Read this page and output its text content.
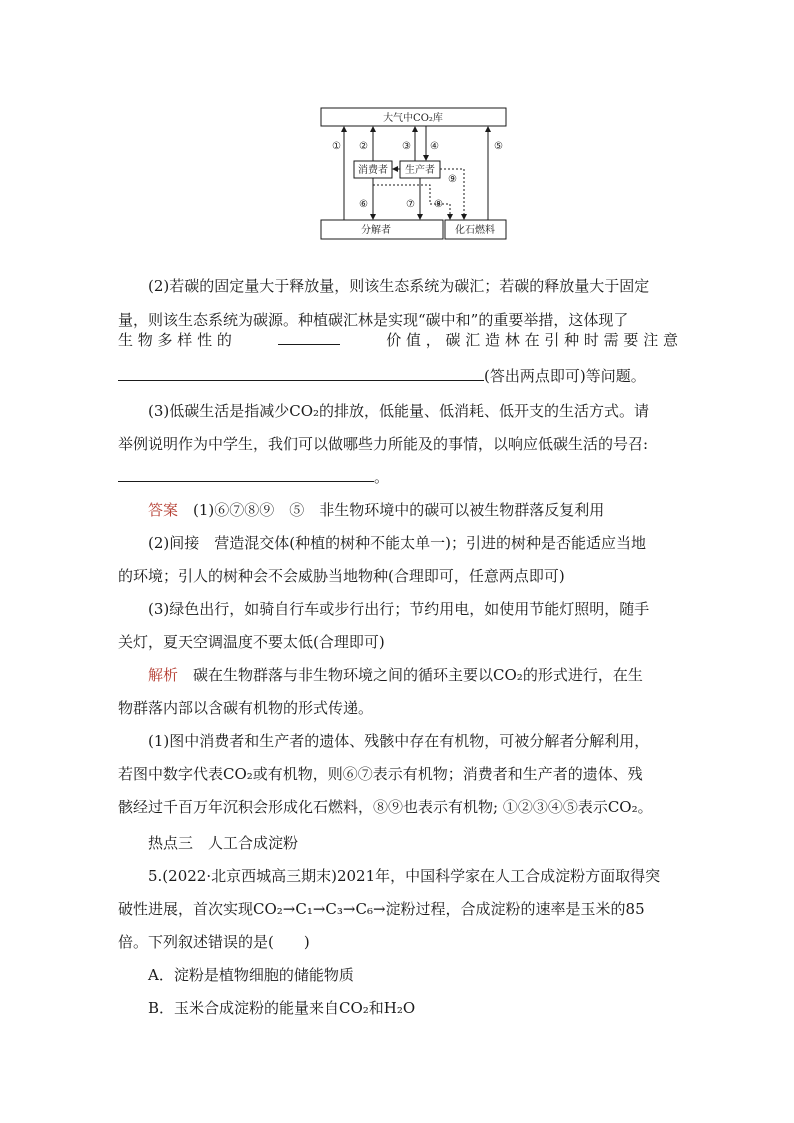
大气中CO₂库
消费者 生产者
分解者	化石燃料
① ②	③ ④	⑤
⑥	⑦ ⑧
⑨
(2)若碳的固定量大于释放量，则该生态系统为碳汇；若碳的释放量大于固定
量，则该生态系统为碳源。种植碳汇林是实现“碳中和”的重要举措，这体现了
生 物 多 样 性 的	价 值 ， 碳 汇 造 林 在 引 种 时 需 要 注 意
(答出两点即可)等问题。
(3)低碳生活是指减少CO₂的排放，低能量、低消耗、低开支的生活方式。请
举例说明作为中学生，我们可以做哪些力所能及的事情，以响应低碳生活的号召:
。
答案　 (1)⑥⑦⑧⑨　⑤　非生物环境中的碳可以被生物群落反复利用
(2)间接　营造混交体(种植的树种不能太单一)；引进的树种是否能适应当地
的环境；引人的树种会不会威胁当地物种(合理即可，任意两点即可)
(3)绿色出行，如骑自行车或步行出行；节约用电，如使用节能灯照明，随手
关灯，夏天空调温度不要太低(合理即可)
解析　 碳在生物群落与非生物环境之间的循环主要以CO₂的形式进行，在生
物群落内部以含碳有机物的形式传递。
(1)图中消费者和生产者的遗体、残骸中存在有机物，可被分解者分解利用，
若图中数字代表CO₂或有机物，则⑥⑦表示有机物；消费者和生产者的遗体、残
骸经过千百万年沉积会形成化石燃料，⑧⑨也表示有机物; ①②③④⑤表示CO₂。
热点三　人工合成淀粉
5.(2022·北京西城高三期末)2021年，中国科学家在人工合成淀粉方面取得突
破性进展，首次实现CO₂→C₁→C₃→C₆→淀粉过程，合成淀粉的速率是玉米的85
倍。下列叙述错误的是(　　)
A．淀粉是植物细胞的储能物质
B．玉米合成淀粉的能量来自CO₂和H₂O
